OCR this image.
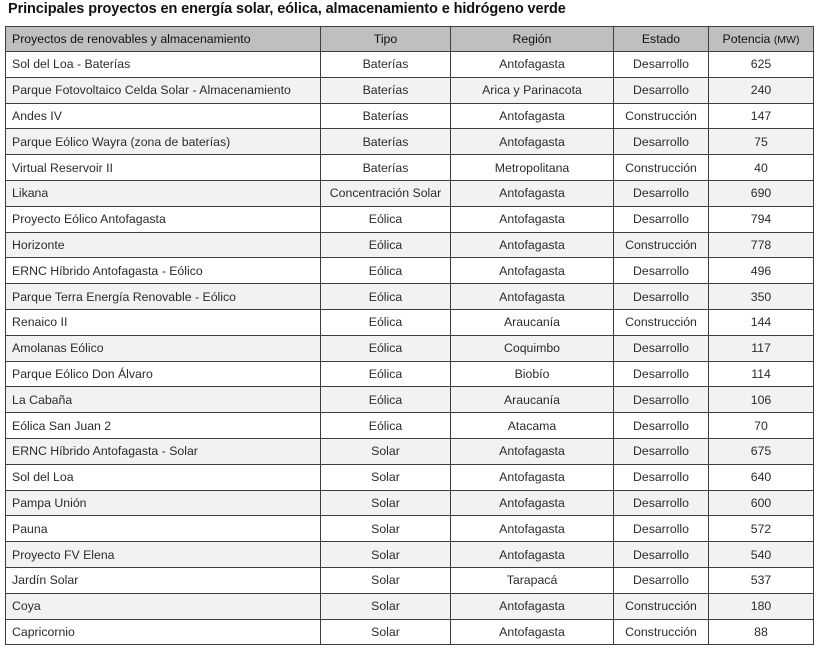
Principales proyectos en energía solar, eólica, almacenamiento e hidrógeno verde
Proyectos de renovables y almacenamiento	Tipo	Región	Estado	Potencia (MW)
Sol del Loa - Baterías	Baterías	Antofagasta	Desarrollo	625
Parque Fotovoltaico Celda Solar - Almacenamiento	Baterías	Arica y Parinacota	Desarrollo	240
Andes IV	Baterías	Antofagasta	Construcción	147
Parque Eólico Wayra (zona de baterías)	Baterías	Antofagasta	Desarrollo	75
Virtual Reservoir II	Baterías	Metropolitana	Construcción	40
Likana	Concentración Solar	Antofagasta	Desarrollo	690
Proyecto Eólico Antofagasta	Eólica	Antofagasta	Desarrollo	794
Horizonte	Eólica	Antofagasta	Construcción	778
ERNC Híbrido Antofagasta - Eólico	Eólica	Antofagasta	Desarrollo	496
Parque Terra Energía Renovable - Eólico	Eólica	Antofagasta	Desarrollo	350
Renaico II	Eólica	Araucanía	Construcción	144
Amolanas Eólico	Eólica	Coquimbo	Desarrollo	117
Parque Eólico Don Álvaro	Eólica	Biobío	Desarrollo	114
La Cabaña	Eólica	Araucanía	Desarrollo	106
Eólica San Juan 2	Eólica	Atacama	Desarrollo	70
ERNC Híbrido Antofagasta - Solar	Solar	Antofagasta	Desarrollo	675
Sol del Loa	Solar	Antofagasta	Desarrollo	640
Pampa Unión	Solar	Antofagasta	Desarrollo	600
Pauna	Solar	Antofagasta	Desarrollo	572
Proyecto FV Elena	Solar	Antofagasta	Desarrollo	540
Jardín Solar	Solar	Tarapacá	Desarrollo	537
Coya	Solar	Antofagasta	Construcción	180
Capricornio	Solar	Antofagasta	Construcción	88
